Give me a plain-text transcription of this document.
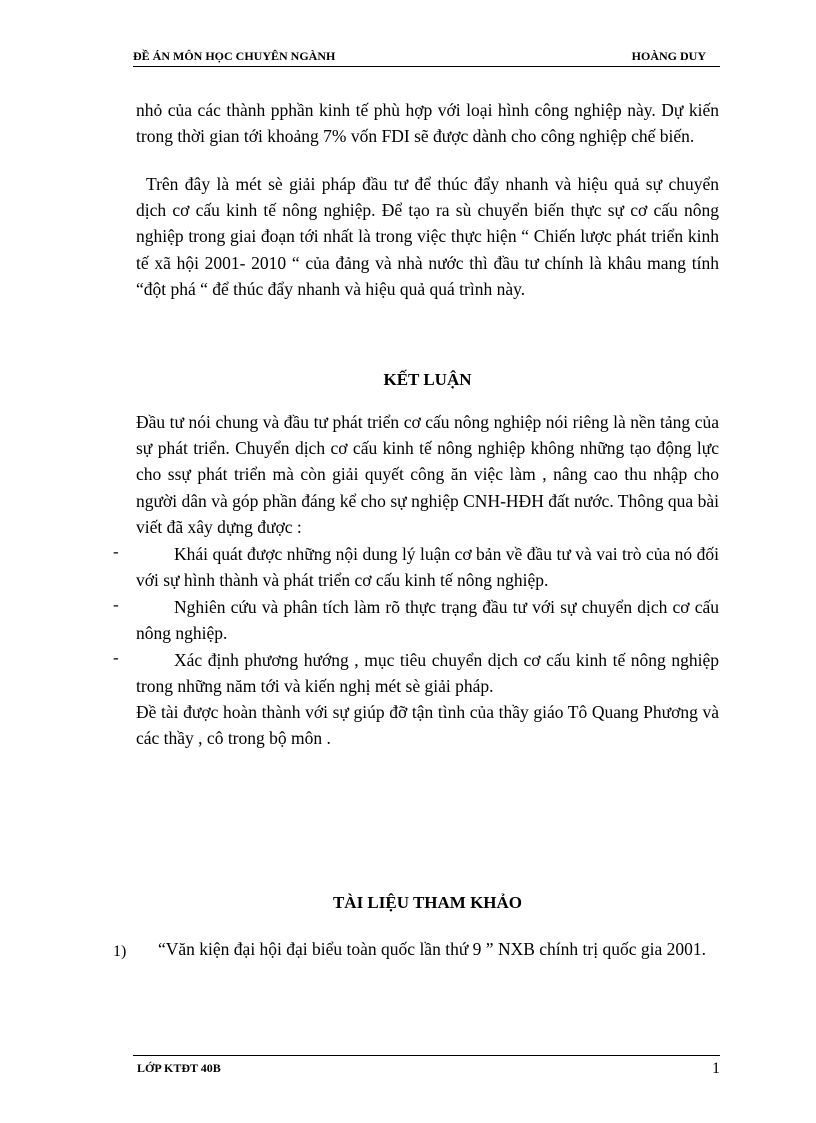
ĐỀ ÁN MÔN HỌC CHUYÊN NGÀNH	HOÀNG DUY

nhỏ của các thành pphần kinh tế phù hợp với loại hình công nghiệp này. Dự kiến trong thời gian tới khoảng 7% vốn FDI sẽ được dành cho công nghiệp chế biến.

Trên đây là mét sè giải pháp đầu tư để thúc đẩy nhanh và hiệu quả sự chuyển dịch cơ cấu kinh tế nông nghiệp. Để tạo ra sù chuyển biến thực sự cơ cấu nông nghiệp trong giai đoạn tới nhất là trong việc thực hiện “ Chiến lược phát triển kinh tế xã hội 2001- 2010 “ của đảng và nhà nước thì đầu tư chính là khâu mang tính “đột phá “ để thúc đẩy nhanh và hiệu quả quá trình này.

KẾT LUẬN

Đầu tư nói chung và đầu tư phát triển cơ cấu nông nghiệp nói riêng là nền tảng của sự phát triển. Chuyển dịch cơ cấu kinh tế nông nghiệp không những tạo động lực cho ssự phát triển mà còn giải quyết công ăn việc làm , nâng cao thu nhập cho người dân và góp phần đáng kể cho sự nghiệp CNH-HĐH đất nước. Thông qua bài viết đã xây dựng được :

-	Khái quát được những nội dung lý luận cơ bản về đầu tư và vai trò của nó đối với sự hình thành và phát triển cơ cấu kinh tế nông nghiệp.

-	Nghiên cứu và phân tích làm rõ thực trạng đầu tư với sự chuyển dịch cơ cấu nông nghiệp.

-	Xác định phương hướng , mục tiêu chuyển dịch cơ cấu kinh tế nông nghiệp trong những năm tới và kiến nghị mét sè giải pháp.

Đề tài được hoàn thành với sự giúp đỡ tận tình của thầy giáo Tô Quang Phương và các thầy , cô trong bộ môn .

TÀI LIỆU THAM KHẢO
1)	“Văn kiện đại hội đại biểu toàn quốc lần thứ 9 ” NXB chính trị quốc gia 2001.

LỚP KTĐT 40B	1
